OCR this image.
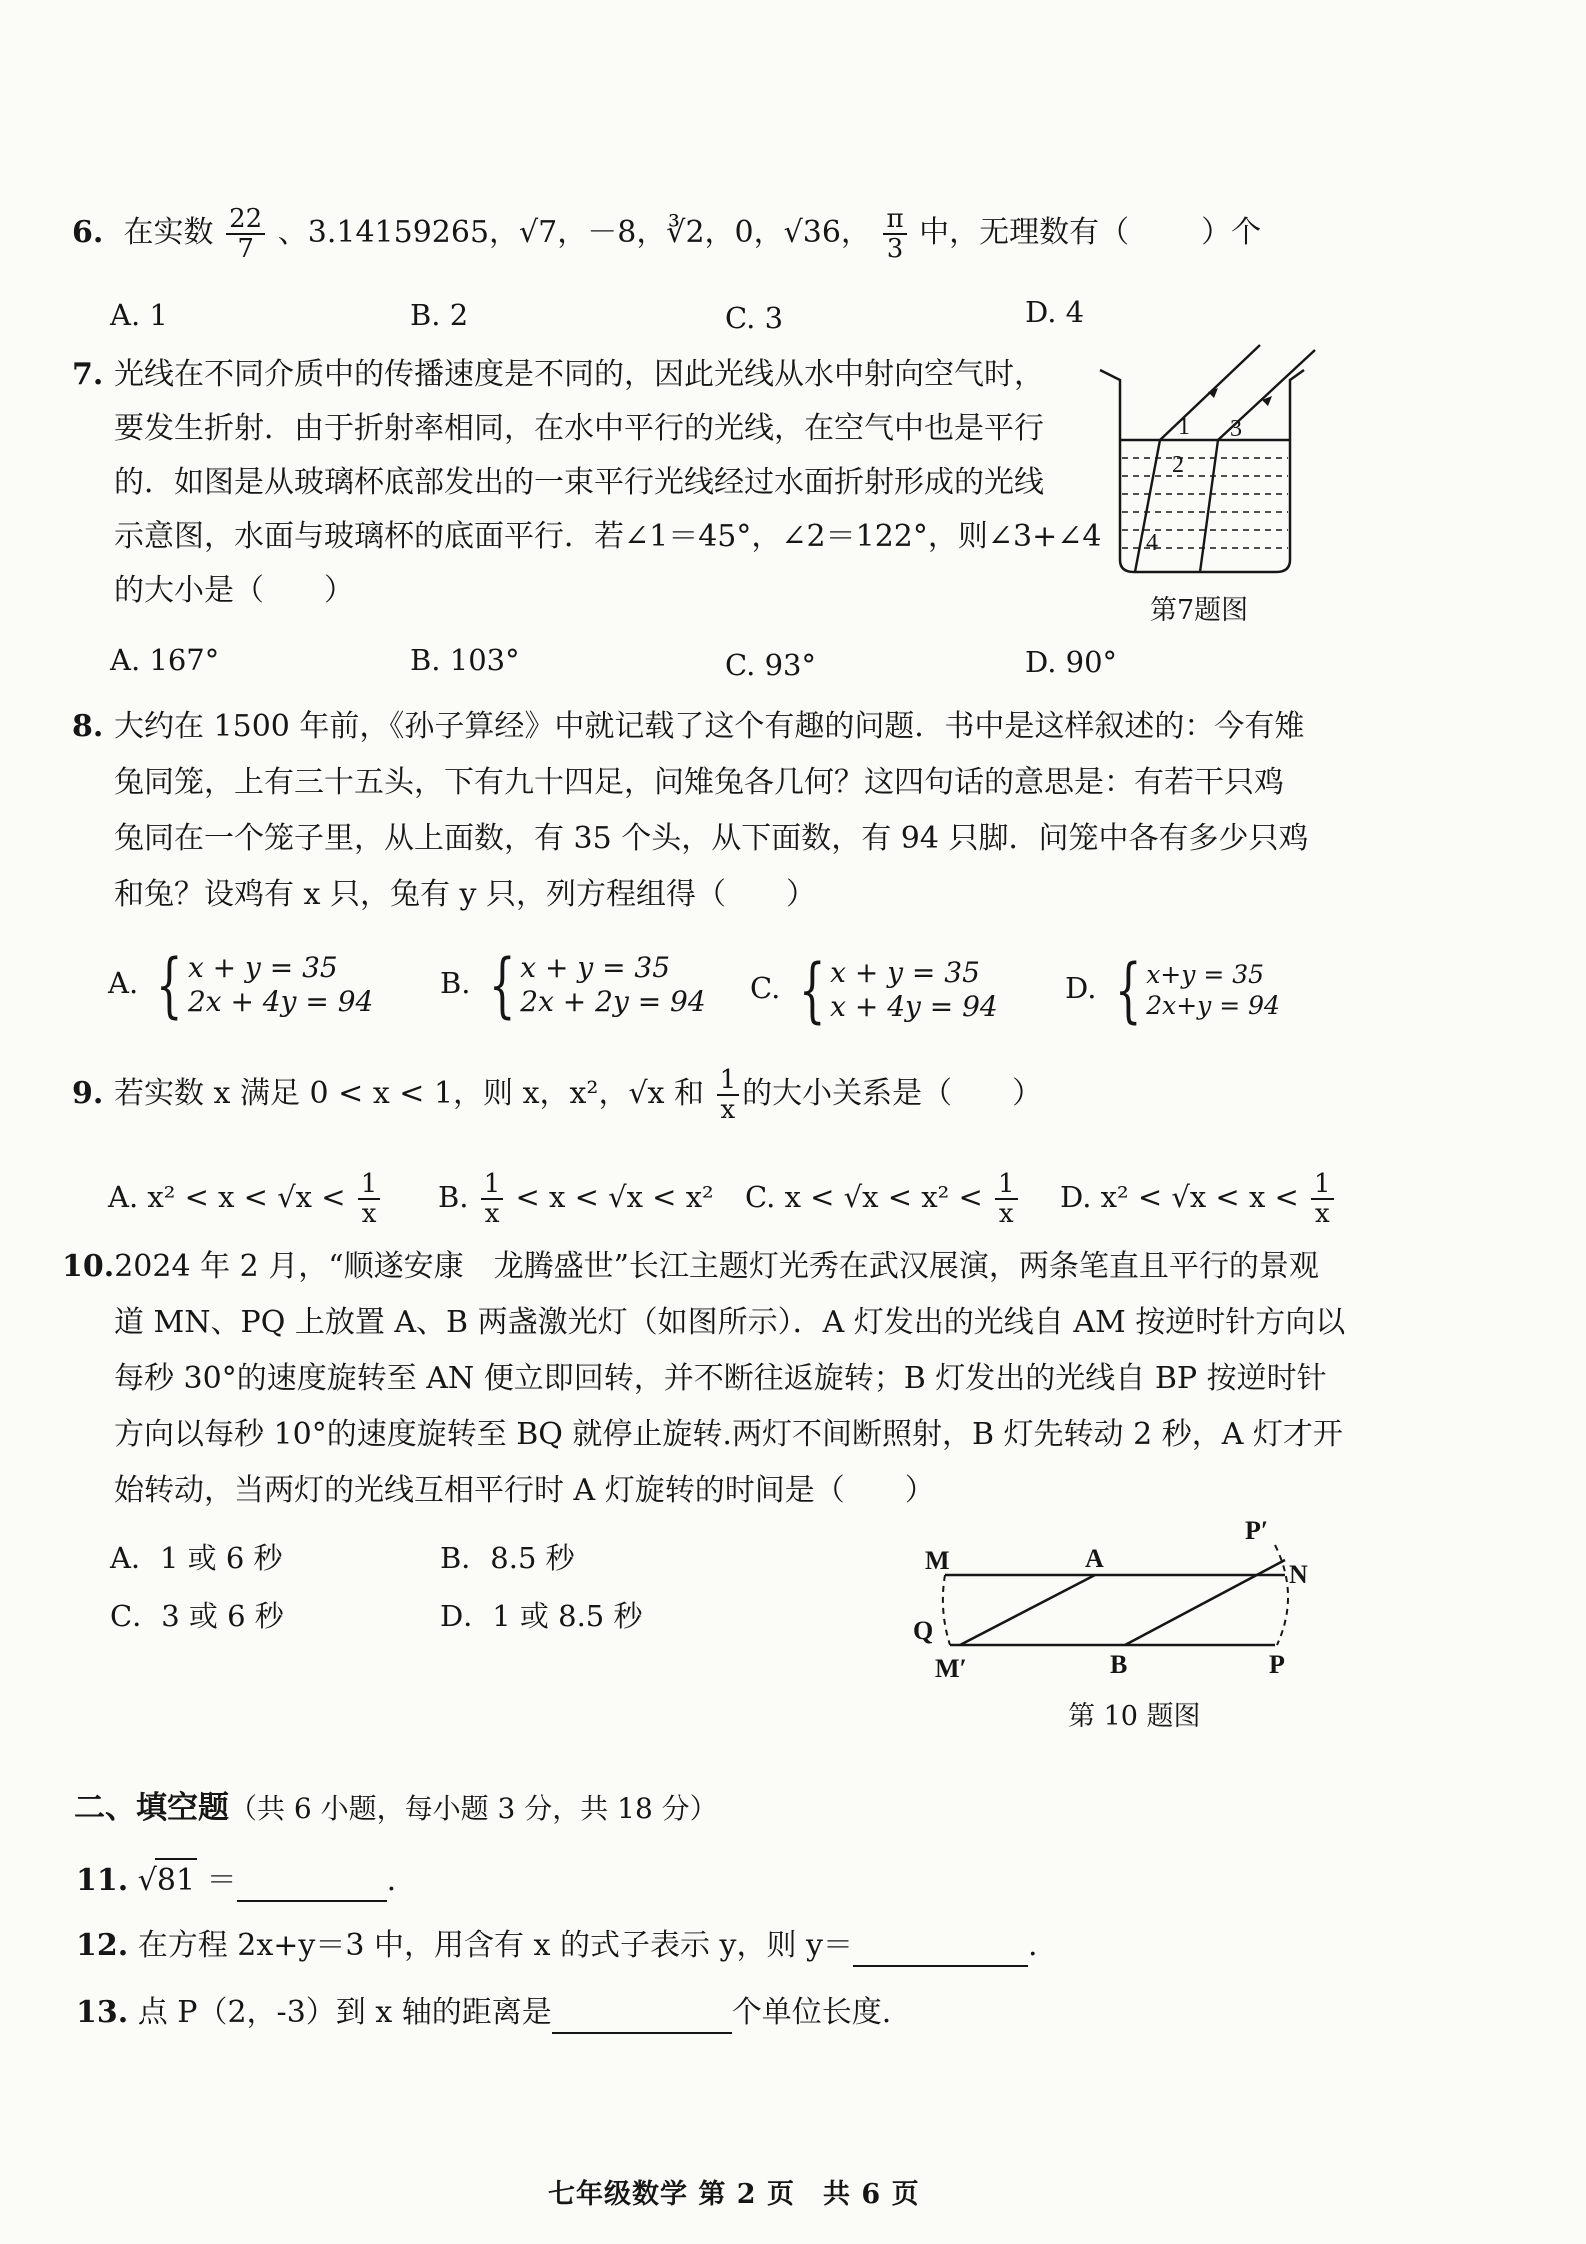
6. 在实数 $\frac{22}{7}$ 、3.14159265，√7，－8，∛2，0，√36， $\frac{\pi}{3}$ 中，无理数有（ ）个
A. 1	B. 2	C. 3	D. 4
7. 光线在不同介质中的传播速度是不同的，因此光线从水中射向空气时，
要发生折射．由于折射率相同，在水中平行的光线，在空气中也是平行
的．如图是从玻璃杯底部发出的一束平行光线经过水面折射形成的光线
示意图，水面与玻璃杯的底面平行．若∠1＝45°，∠2＝122°，则∠3+∠4
的大小是（　　）
A. 167°	B. 103°	C. 93°	D. 90°
1
2
3
4
第7题图
8. 大约在 1500 年前，《孙子算经》中就记载了这个有趣的问题．书中是这样叙述的：今有雉
兔同笼，上有三十五头，下有九十四足，问雉兔各几何？这四句话的意思是：有若干只鸡
兔同在一个笼子里，从上面数，有 35 个头，从下面数，有 94 只脚．问笼中各有多少只鸡
和兔？设鸡有 x 只，兔有 y 只，列方程组得（　　）
A. { x + y = 35
2x + 4y = 94
B. { x + y = 35
2x + 2y = 94 C. { x + y = 35
x + 4y = 94
D. { x+y = 35
2x+y = 94
9. 若实数 x 满足 0 < x < 1，则 x，x²，√x 和 $\frac{1}{x}$ 的大小关系是（　　）
A. $x^2 < x < √x < \frac{1}{x} B$. $\frac{1}{x} < x < √x < x^2$ C. $x < √x < x^2 < \frac{1}{x} D$. $x^2 < √x < x < \frac{1}{x}$
10.2024 年 2 月，“顺遂安康　龙腾盛世”长江主题灯光秀在武汉展演，两条笔直且平行的景观
道 MN、PQ 上放置 A、B 两盏激光灯（如图所示）．A 灯发出的光线自 AM 按逆时针方向以
每秒 30°的速度旋转至 AN 便立即回转，并不断往返旋转；B 灯发出的光线自 BP 按逆时针
方向以每秒 10°的速度旋转至 BQ 就停止旋转.两灯不间断照射，B 灯先转动 2 秒，A 灯才开
始转动，当两灯的光线互相平行时 A 灯旋转的时间是（　　）
A．1 或 6 秒	B．8.5 秒
C．3 或 6 秒	D．1 或 8.5 秒
M	A
P′
N
Q
M′	B	P
第 10 题图
二、填空题（共 6 小题，每小题 3 分，共 18 分）
11. √81 ＝	.
12. 在方程 2x+y＝3 中，用含有 x 的式子表示 y，则 y＝	.
13. 点 P（2，-3）到 x 轴的距离是	个单位长度.
七年级数学 第 2 页　共 6 页
